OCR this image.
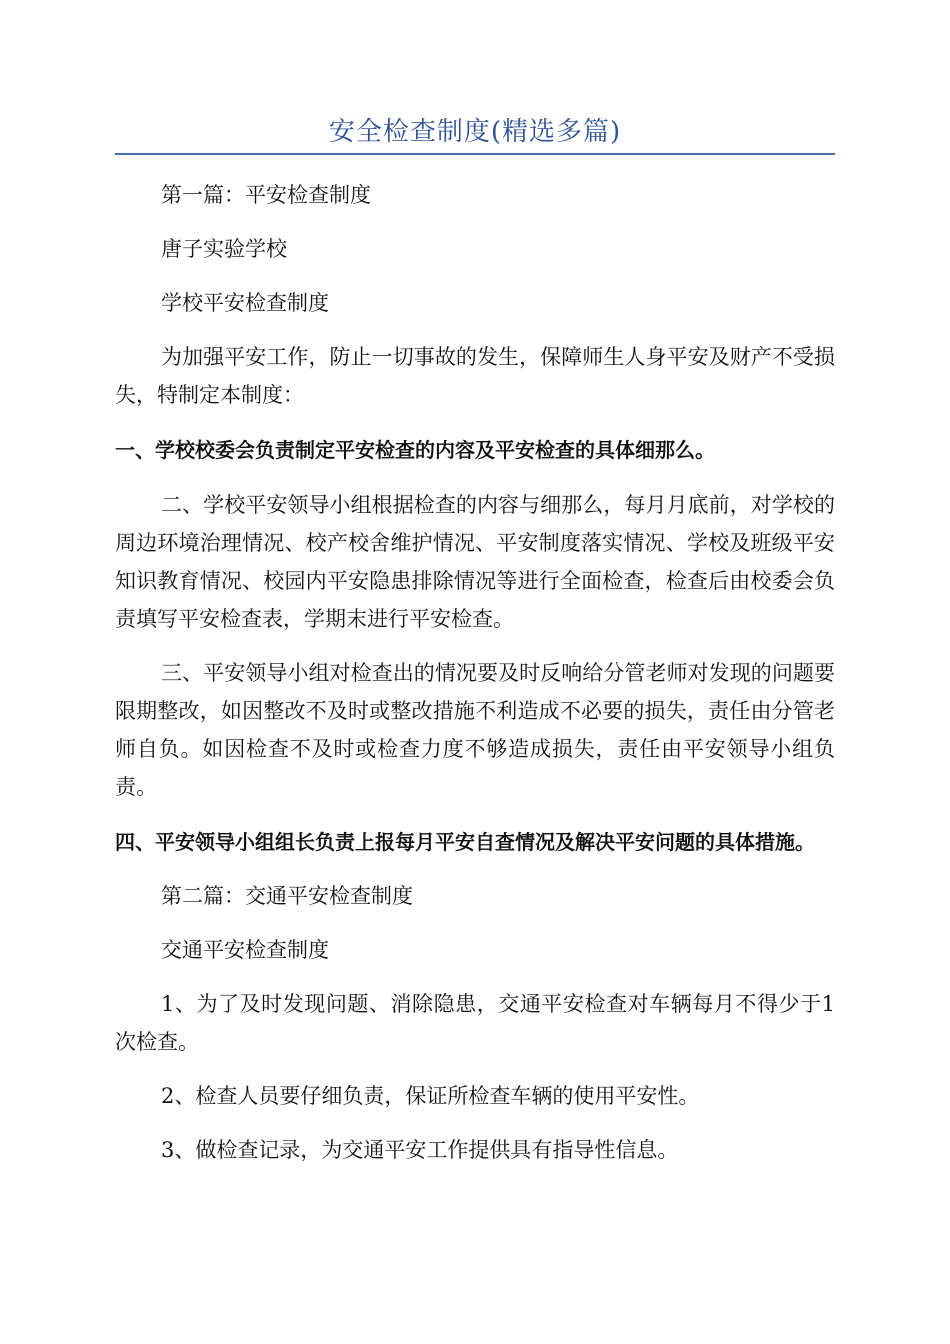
安全检查制度(精选多篇)

第一篇：平安检查制度

唐子实验学校

学校平安检查制度

为加强平安工作，防止一切事故的发生，保障师生人身平安及财产不受损失，特制定本制度：

一、学校校委会负责制定平安检查的内容及平安检查的具体细那么。

二、学校平安领导小组根据检查的内容与细那么，每月月底前，对学校的周边环境治理情况、校产校舍维护情况、平安制度落实情况、学校及班级平安知识教育情况、校园内平安隐患排除情况等进行全面检查，检查后由校委会负责填写平安检查表，学期末进行平安检查。

三、平安领导小组对检查出的情况要及时反响给分管老师对发现的问题要限期整改，如因整改不及时或整改措施不利造成不必要的损失，责任由分管老师自负。如因检查不及时或检查力度不够造成损失，责任由平安领导小组负责。

四、平安领导小组组长负责上报每月平安自查情况及解决平安问题的具体措施。

第二篇：交通平安检查制度

交通平安检查制度

1、为了及时发现问题、消除隐患，交通平安检查对车辆每月不得少于1次检查。

2、检查人员要仔细负责，保证所检查车辆的使用平安性。

3、做检查记录，为交通平安工作提供具有指导性信息。
